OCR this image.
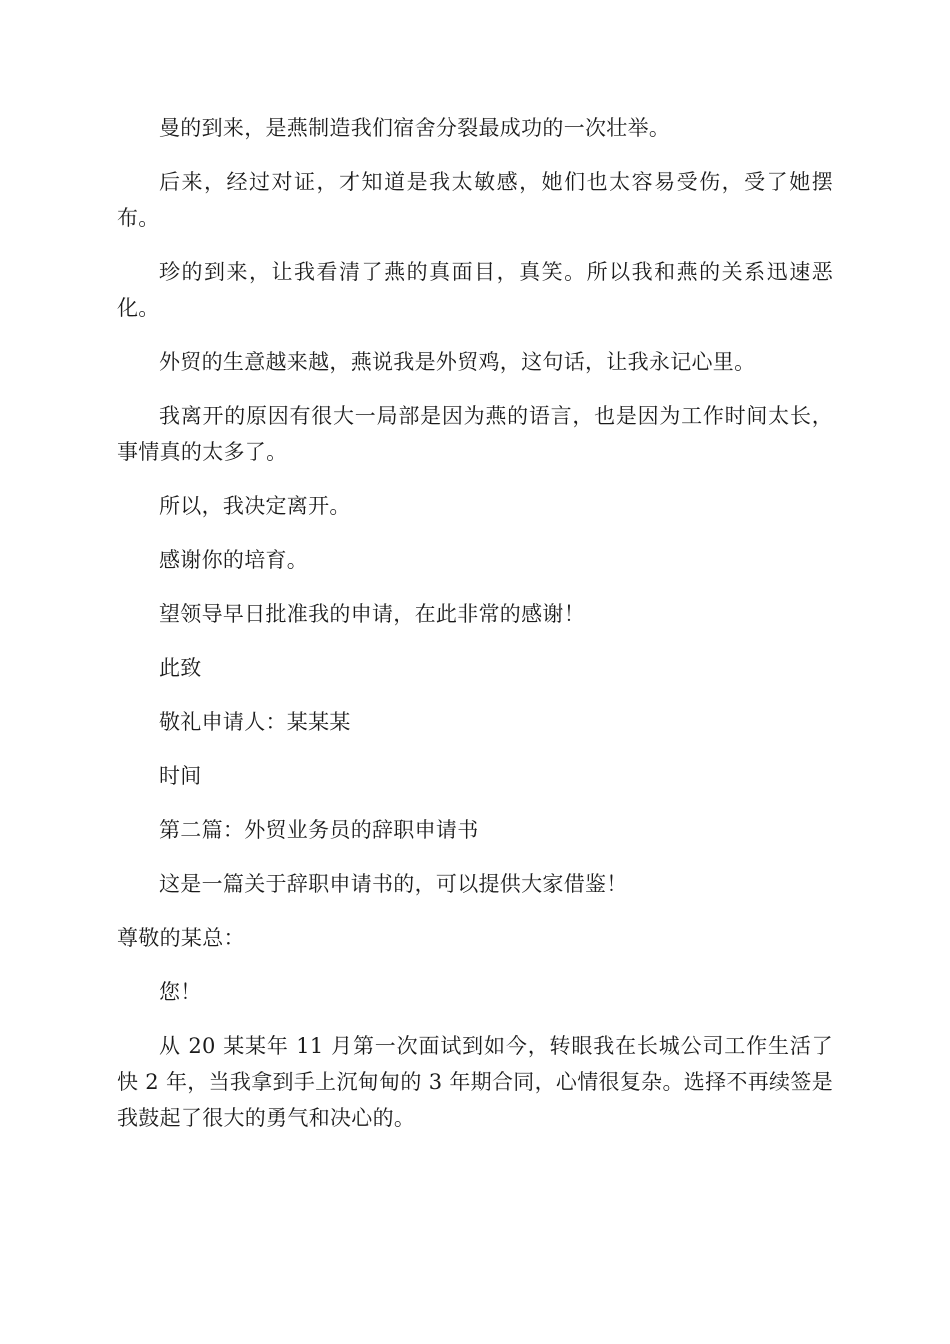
曼的到来，是燕制造我们宿舍分裂最成功的一次壮举。

后来，经过对证，才知道是我太敏感，她们也太容易受伤，受了她摆布。

珍的到来，让我看清了燕的真面目，真笑。所以我和燕的关系迅速恶化。

外贸的生意越来越，燕说我是外贸鸡，这句话，让我永记心里。

我离开的原因有很大一局部是因为燕的语言，也是因为工作时间太长，事情真的太多了。

所以，我决定离开。

感谢你的培育。

望领导早日批准我的申请，在此非常的感谢！

此致

敬礼申请人：某某某

时间

第二篇：外贸业务员的辞职申请书

这是一篇关于辞职申请书的，可以提供大家借鉴！

尊敬的某总：

您！

从 20 某某年 11 月第一次面试到如今，转眼我在长城公司工作生活了快 2 年，当我拿到手上沉甸甸的 3 年期合同，心情很复杂。选择不再续签是我鼓起了很大的勇气和决心的。
